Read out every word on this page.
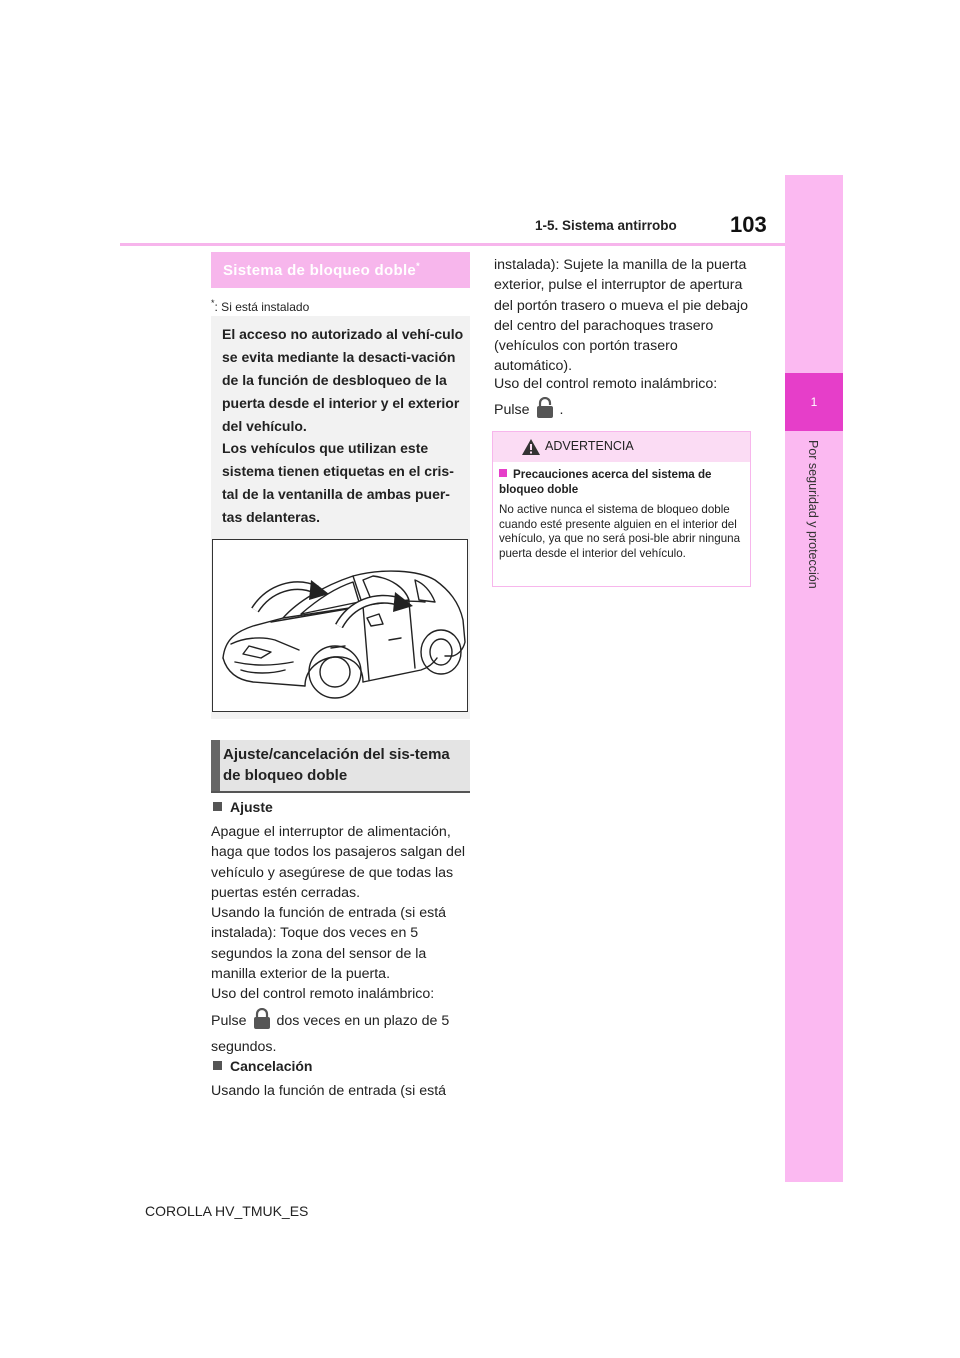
1-5. Sistema antirrobo 103
1
Por seguridad y protección
Sistema de bloqueo doble*
*: Si está instalado
El acceso no autorizado al vehí-culo se evita mediante la desacti-vación de la función de desbloqueo de la puerta desde el interior y el exterior del vehículo.
Los vehículos que utilizan este sistema tienen etiquetas en el cris-tal de la ventanilla de ambas puer-tas delanteras.
Ajuste/cancelación del sis-tema de bloqueo doble
Ajuste
Apague el interruptor de alimentación, haga que todos los pasajeros salgan del vehículo y asegúrese de que todas las puertas estén cerradas.
Usando la función de entrada (si está instalada): Toque dos veces en 5 segundos la zona del sensor de la manilla exterior de la puerta.
Uso del control remoto inalámbrico:
Pulse dos veces en un plazo de 5 segundos.
Cancelación
Usando la función de entrada (si está
instalada): Sujete la manilla de la puerta exterior, pulse el interruptor de apertura del portón trasero o mueva el pie debajo del centro del parachoques trasero (vehículos con portón trasero automático).
Uso del control remoto inalámbrico:
Pulse .
ADVERTENCIA
Precauciones acerca del sistema de bloqueo doble
No active nunca el sistema de bloqueo doble cuando esté presente alguien en el interior del vehículo, ya que no será posi-ble abrir ninguna puerta desde el interior del vehículo.
COROLLA HV_TMUK_ES
